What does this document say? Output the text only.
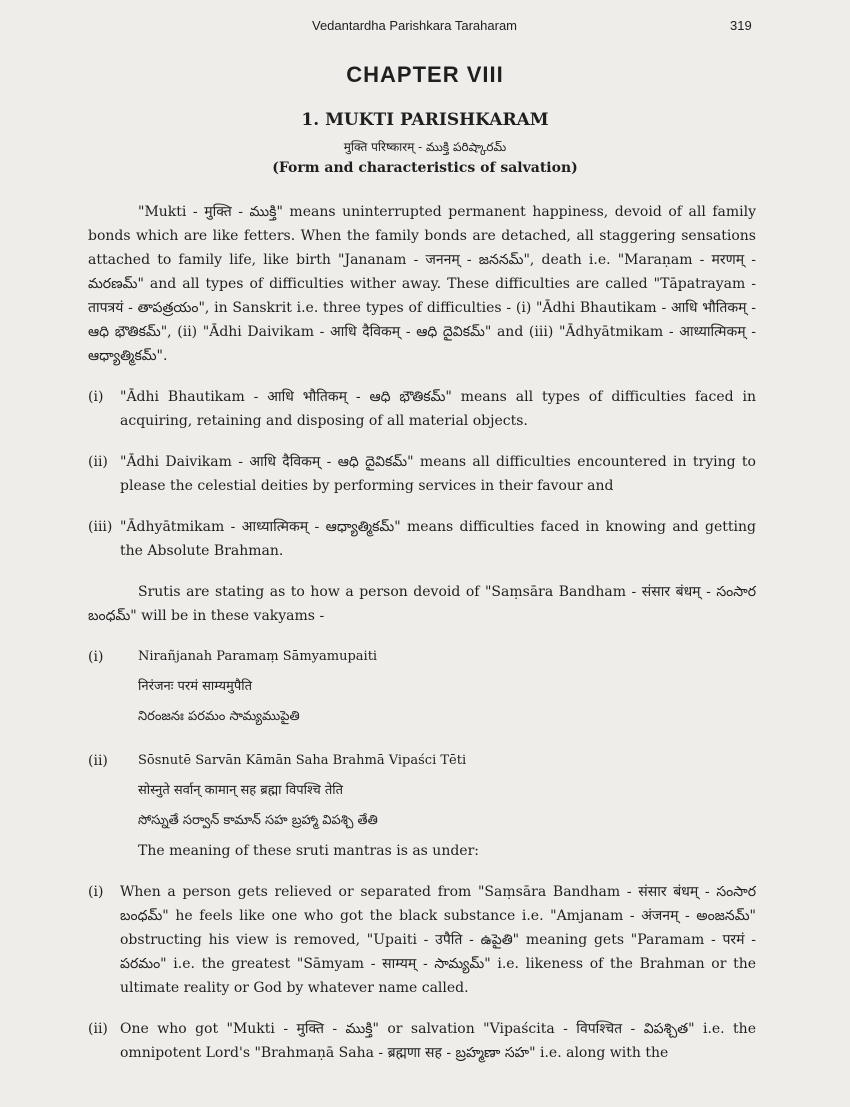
Vedantardha Parishkara Taraharam	319
CHAPTER VIII
1. MUKTI PARISHKARAM
मुक्ति परिष्कारम् - ముక్తి పరిష్కారమ్
(Form and characteristics of salvation)

"Mukti - मुक्ति - ముక్తి" means uninterrupted permanent happiness, devoid of all family bonds which are like fetters. When the family bonds are detached, all staggering sensations attached to family life, like birth "Jananam - जननम् - జననమ్", death i.e. "Maraṇam - मरणम् - మరణమ్" and all types of difficulties wither away. These difficulties are called "Tāpatrayam - तापत्रयं - తాపత్రయం", in Sanskrit i.e. three types of difficulties - (i) "Ādhi Bhautikam - आधि भौतिकम् - ఆధి భౌతికమ్", (ii) "Ādhi Daivikam - आधि दैविकम् - ఆధి దైవికమ్" and (iii) "Ādhyātmikam - आध्यात्मिकम् - ఆధ్యాత్మికమ్".

(i)	"Ādhi Bhautikam - आधि भौतिकम् - ఆధి భౌతికమ్" means all types of difficulties faced in acquiring, retaining and disposing of all material objects.
(ii) "Ādhi Daivikam - आधि दैविकम् - ఆధి దైవికమ్" means all difficulties encountered in trying to please the celestial deities by performing services in their favour and
(iii) "Ādhyātmikam - आध्यात्मिकम् - ఆధ్యాత్మికమ్" means difficulties faced in knowing and getting the Absolute Brahman.

Srutis are stating as to how a person devoid of "Saṃsāra Bandham - संसार बंधम् - సంసార బంధమ్" will be in these vakyams -

(i)	Nirañjanah Paramaṃ Sāmyamupaiti
निरंजनः परमं साम्यमुपैति
నిరంజనః పరమం సామ్యముపైతి
(ii)	Sōsnutē Sarvān Kāmān Saha Brahmā Vipaści Tēti
सोस्नुते सर्वान् कामान् सह ब्रह्मा विपश्चि तेति
సోస్నుతే సర్వాన్ కామాన్ సహ బ్రహ్మా విపశ్చి తేతి

The meaning of these sruti mantras is as under:

(i)	When a person gets relieved or separated from "Saṃsāra Bandham - संसार बंधम् - సంసార బంధమ్" he feels like one who got the black substance i.e. "Amjanam - अंजनम् - అంజనమ్" obstructing his view is removed, "Upaiti - उपैति - ఉపైతి" meaning gets "Paramam - परमं - పరమం" i.e. the greatest "Sāmyam - साम्यम् - సామ్యమ్" i.e. likeness of the Brahman or the ultimate reality or God by whatever name called.
(ii) One who got "Mukti - मुक्ति - ముక్తి" or salvation "Vipaścita - विपश्चित - విపశ్చిత" i.e. the omnipotent Lord's "Brahmaṇā Saha - ब्रह्मणा सह - బ్రహ్మణా సహ" i.e. along with the
